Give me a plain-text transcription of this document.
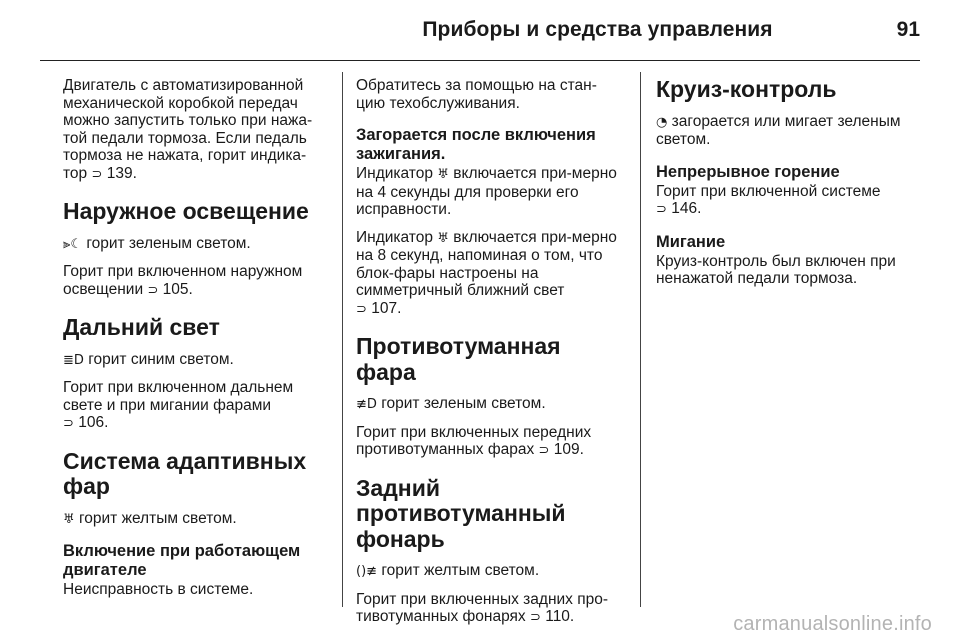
Приборы и средства управления	91

Двигатель с автоматизированной механической коробкой передач можно запустить только при нажа-той педали тормоза. Если педаль тормоза не нажата, горит индика-тор ⊃ 139.

Наружное освещение

⫸☾ горит зеленым светом.

Горит при включенном наружном освещении ⊃ 105.

Дальний свет

≣D горит синим светом.

Горит при включенном дальнем свете и при мигании фарами
⊃ 106.

Система адаптивных фар

♅ горит желтым светом.

Включение при работающем двигателе

Неисправность в системе.

Обратитесь за помощью на стан-цию техобслуживания.

Загорается после включения зажигания.

Индикатор ♅ включается при-мерно на 4 секунды для проверки его исправности.

Индикатор ♅ включается при-мерно на 8 секунд, напоминая о том, что блок-фары настроены на симметричный ближний свет
⊃ 107.

Противотуманная фара

≢D горит зеленым светом.

Горит при включенных передних противотуманных фарах ⊃ 109.

Задний противотуманный фонарь

()≢ горит желтым светом.

Горит при включенных задних про-тивотуманных фонарях ⊃ 110.

Круиз-контроль

◔ загорается или мигает зеленым светом.

Непрерывное горение

Горит при включенной системе
⊃ 146.

Мигание

Круиз-контроль был включен при ненажатой педали тормоза.

carmanualsonline.info
